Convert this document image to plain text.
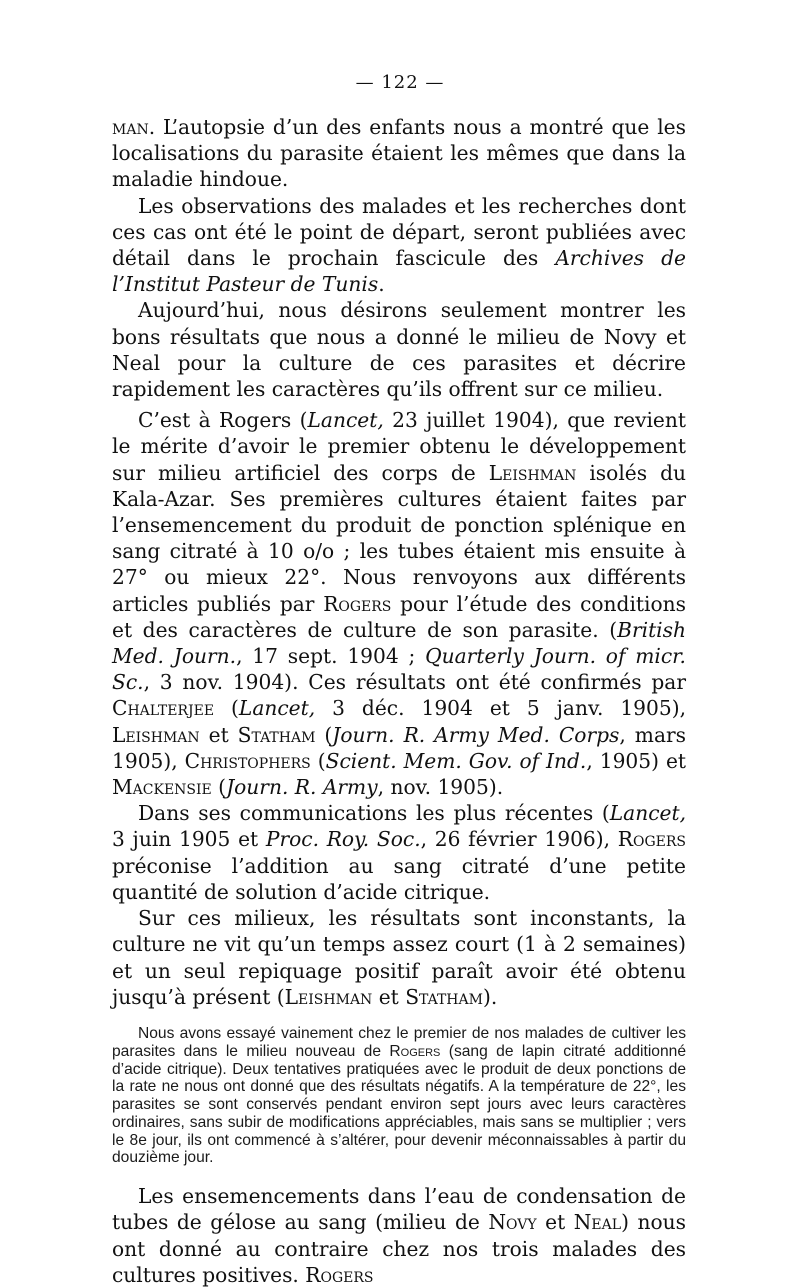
— 122 —

man. L’autopsie d’un des enfants nous a montré que les localisations du parasite étaient les mêmes que dans la maladie hindoue.

Les observations des malades et les recherches dont ces cas ont été le point de départ, seront publiées avec détail dans le prochain fascicule des Archives de l’Institut Pasteur de Tunis.

Aujourd’hui, nous désirons seulement montrer les bons résultats que nous a donné le milieu de Novy et Neal pour la culture de ces parasites et décrire rapidement les caractères qu’ils offrent sur ce milieu.

C’est à Rogers (Lancet, 23 juillet 1904), que revient le mérite d’avoir le premier obtenu le développement sur milieu artificiel des corps de Leishman isolés du Kala-Azar. Ses premières cultures étaient faites par l’ensemencement du produit de ponction splénique en sang citraté à 10 o/o ; les tubes étaient mis ensuite à 27° ou mieux 22°. Nous renvoyons aux différents articles publiés par Rogers pour l’étude des conditions et des caractères de culture de son parasite. (British Med. Journ., 17 sept. 1904 ; Quarterly Journ. of micr. Sc., 3 nov. 1904). Ces résultats ont été confirmés par Chalterjee (Lancet, 3 déc. 1904 et 5 janv. 1905), Leishman et Statham (Journ. R. Army Med. Corps, mars 1905), Christophers (Scient. Mem. Gov. of Ind., 1905) et Mackensie (Journ. R. Army, nov. 1905).

Dans ses communications les plus récentes (Lancet, 3 juin 1905 et Proc. Roy. Soc., 26 février 1906), Rogers préconise l’addition au sang citraté d’une petite quantité de solution d’acide citrique.

Sur ces milieux, les résultats sont inconstants, la culture ne vit qu’un temps assez court (1 à 2 semaines) et un seul repiquage positif paraît avoir été obtenu jusqu’à présent (Leishman et Statham).

Nous avons essayé vainement chez le premier de nos malades de cultiver les parasites dans le milieu nouveau de Rogers (sang de lapin citraté additionné d’acide citrique). Deux tentatives pratiquées avec le produit de deux ponctions de la rate ne nous ont donné que des résultats négatifs. A la température de 22°, les parasites se sont conservés pendant environ sept jours avec leurs caractères ordinaires, sans subir de modifications appréciables, mais sans se multiplier ; vers le 8e jour, ils ont commencé à s’altérer, pour devenir méconnaissables à partir du douzième jour.

Les ensemencements dans l’eau de condensation de tubes de gélose au sang (milieu de Novy et Neal) nous ont donné au contraire chez nos trois malades des cultures positives. Rogers
